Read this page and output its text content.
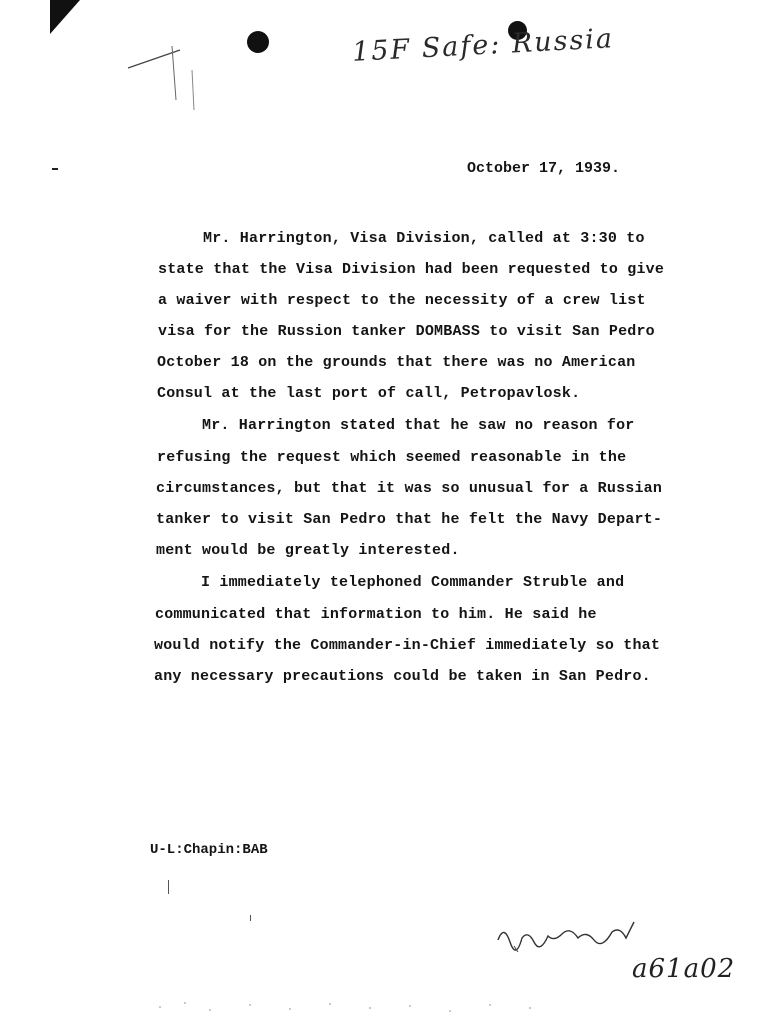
15F Safe: Russia
October 17, 1939.
Mr. Harrington, Visa Division, called at 3:30 to
state that the Visa Division had been requested to give
a waiver with respect to the necessity of a crew list
visa for the Russion tanker DOMBASS to visit San Pedro
October 18 on the grounds that there was no American
Consul at the last port of call, Petropavlosk.
Mr. Harrington stated that he saw no reason for
refusing the request which seemed reasonable in the
circumstances, but that it was so unusual for a Russian
tanker to visit San Pedro that he felt the Navy Depart-
ment would be greatly interested.
I immediately telephoned Commander Struble and
communicated that information to him. He said he
would notify the Commander-in-Chief immediately so that
any necessary precautions could be taken in San Pedro.
U-L:Chapin:BAB
a61a02
